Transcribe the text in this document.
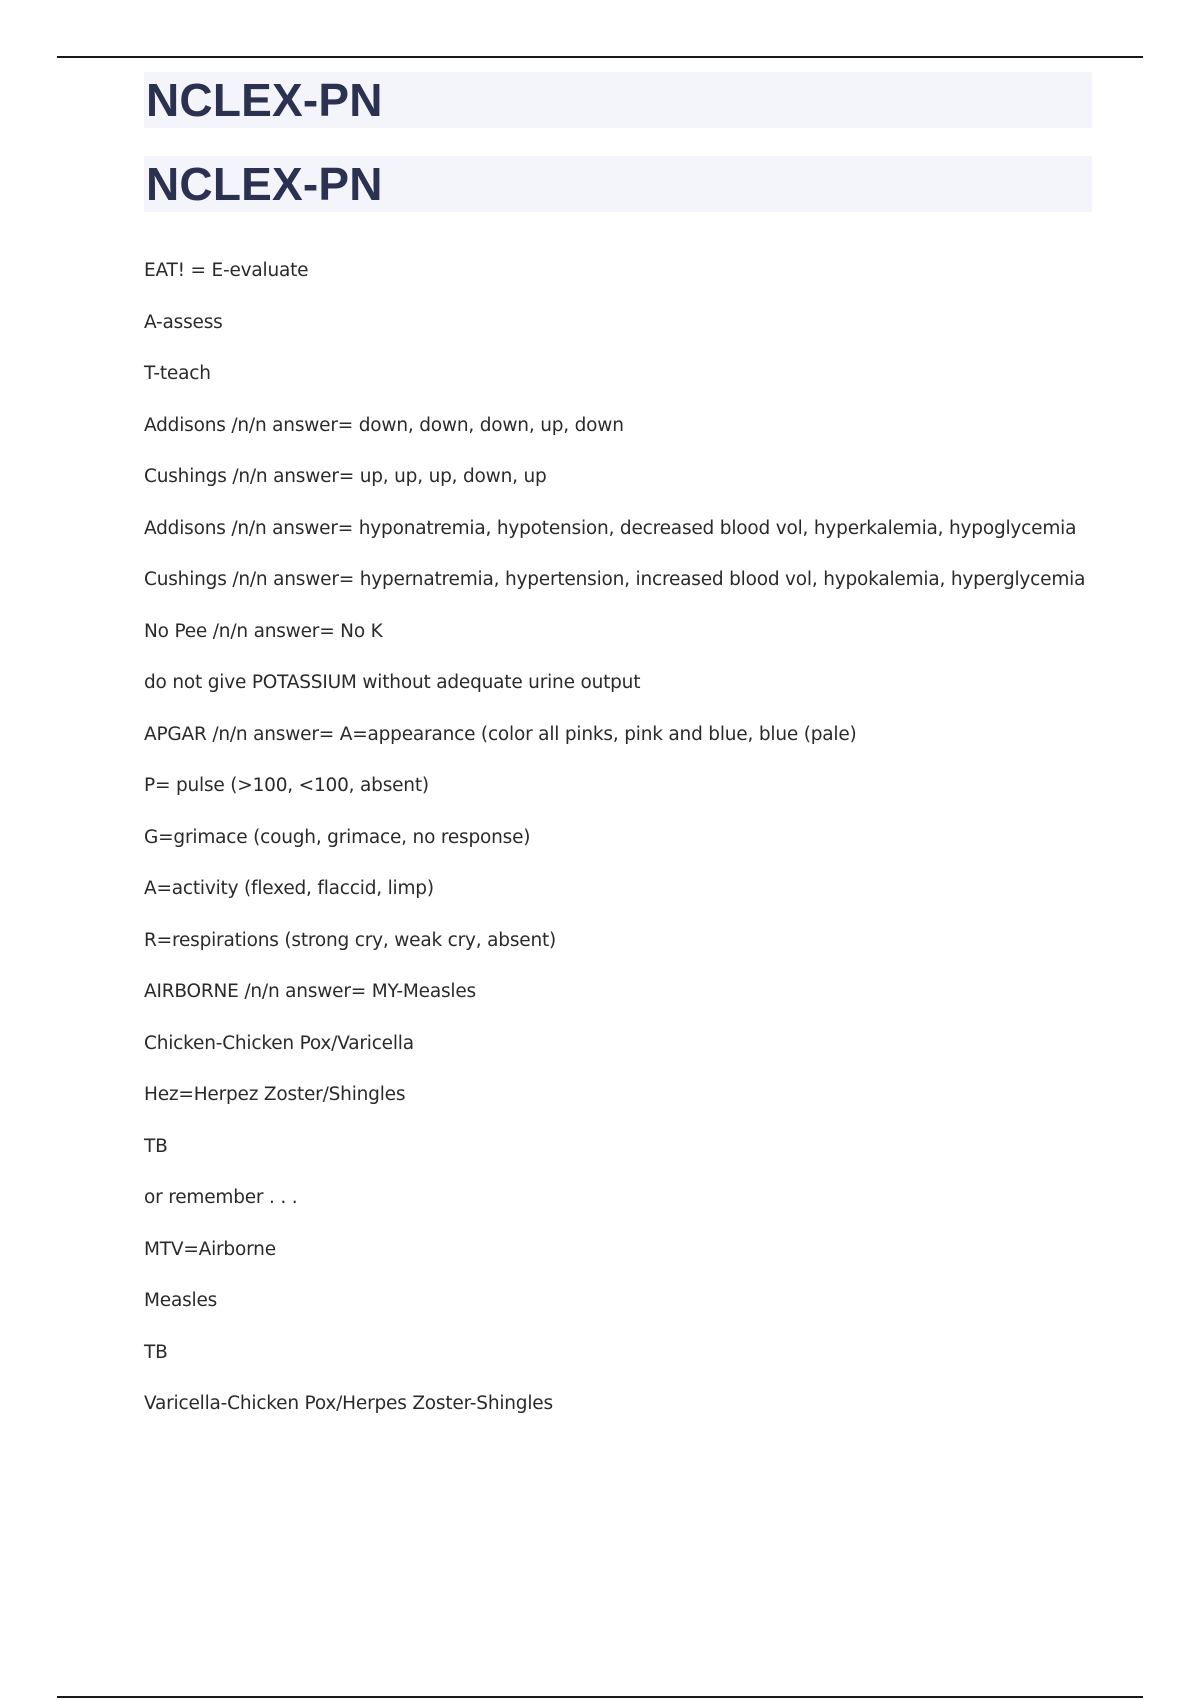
NCLEX-PN
NCLEX-PN
EAT! = E-evaluate
A-assess
T-teach
Addisons /n/n answer= down, down, down, up, down
Cushings /n/n answer= up, up, up, down, up
Addisons /n/n answer= hyponatremia, hypotension, decreased blood vol, hyperkalemia, hypoglycemia
Cushings /n/n answer= hypernatremia, hypertension, increased blood vol, hypokalemia, hyperglycemia
No Pee /n/n answer= No K
do not give POTASSIUM without adequate urine output
APGAR /n/n answer= A=appearance (color all pinks, pink and blue, blue (pale)
P= pulse (>100, <100, absent)
G=grimace (cough, grimace, no response)
A=activity (flexed, flaccid, limp)
R=respirations (strong cry, weak cry, absent)
AIRBORNE /n/n answer= MY-Measles
Chicken-Chicken Pox/Varicella
Hez=Herpez Zoster/Shingles
TB
or remember . . .
MTV=Airborne
Measles
TB
Varicella-Chicken Pox/Herpes Zoster-Shingles
